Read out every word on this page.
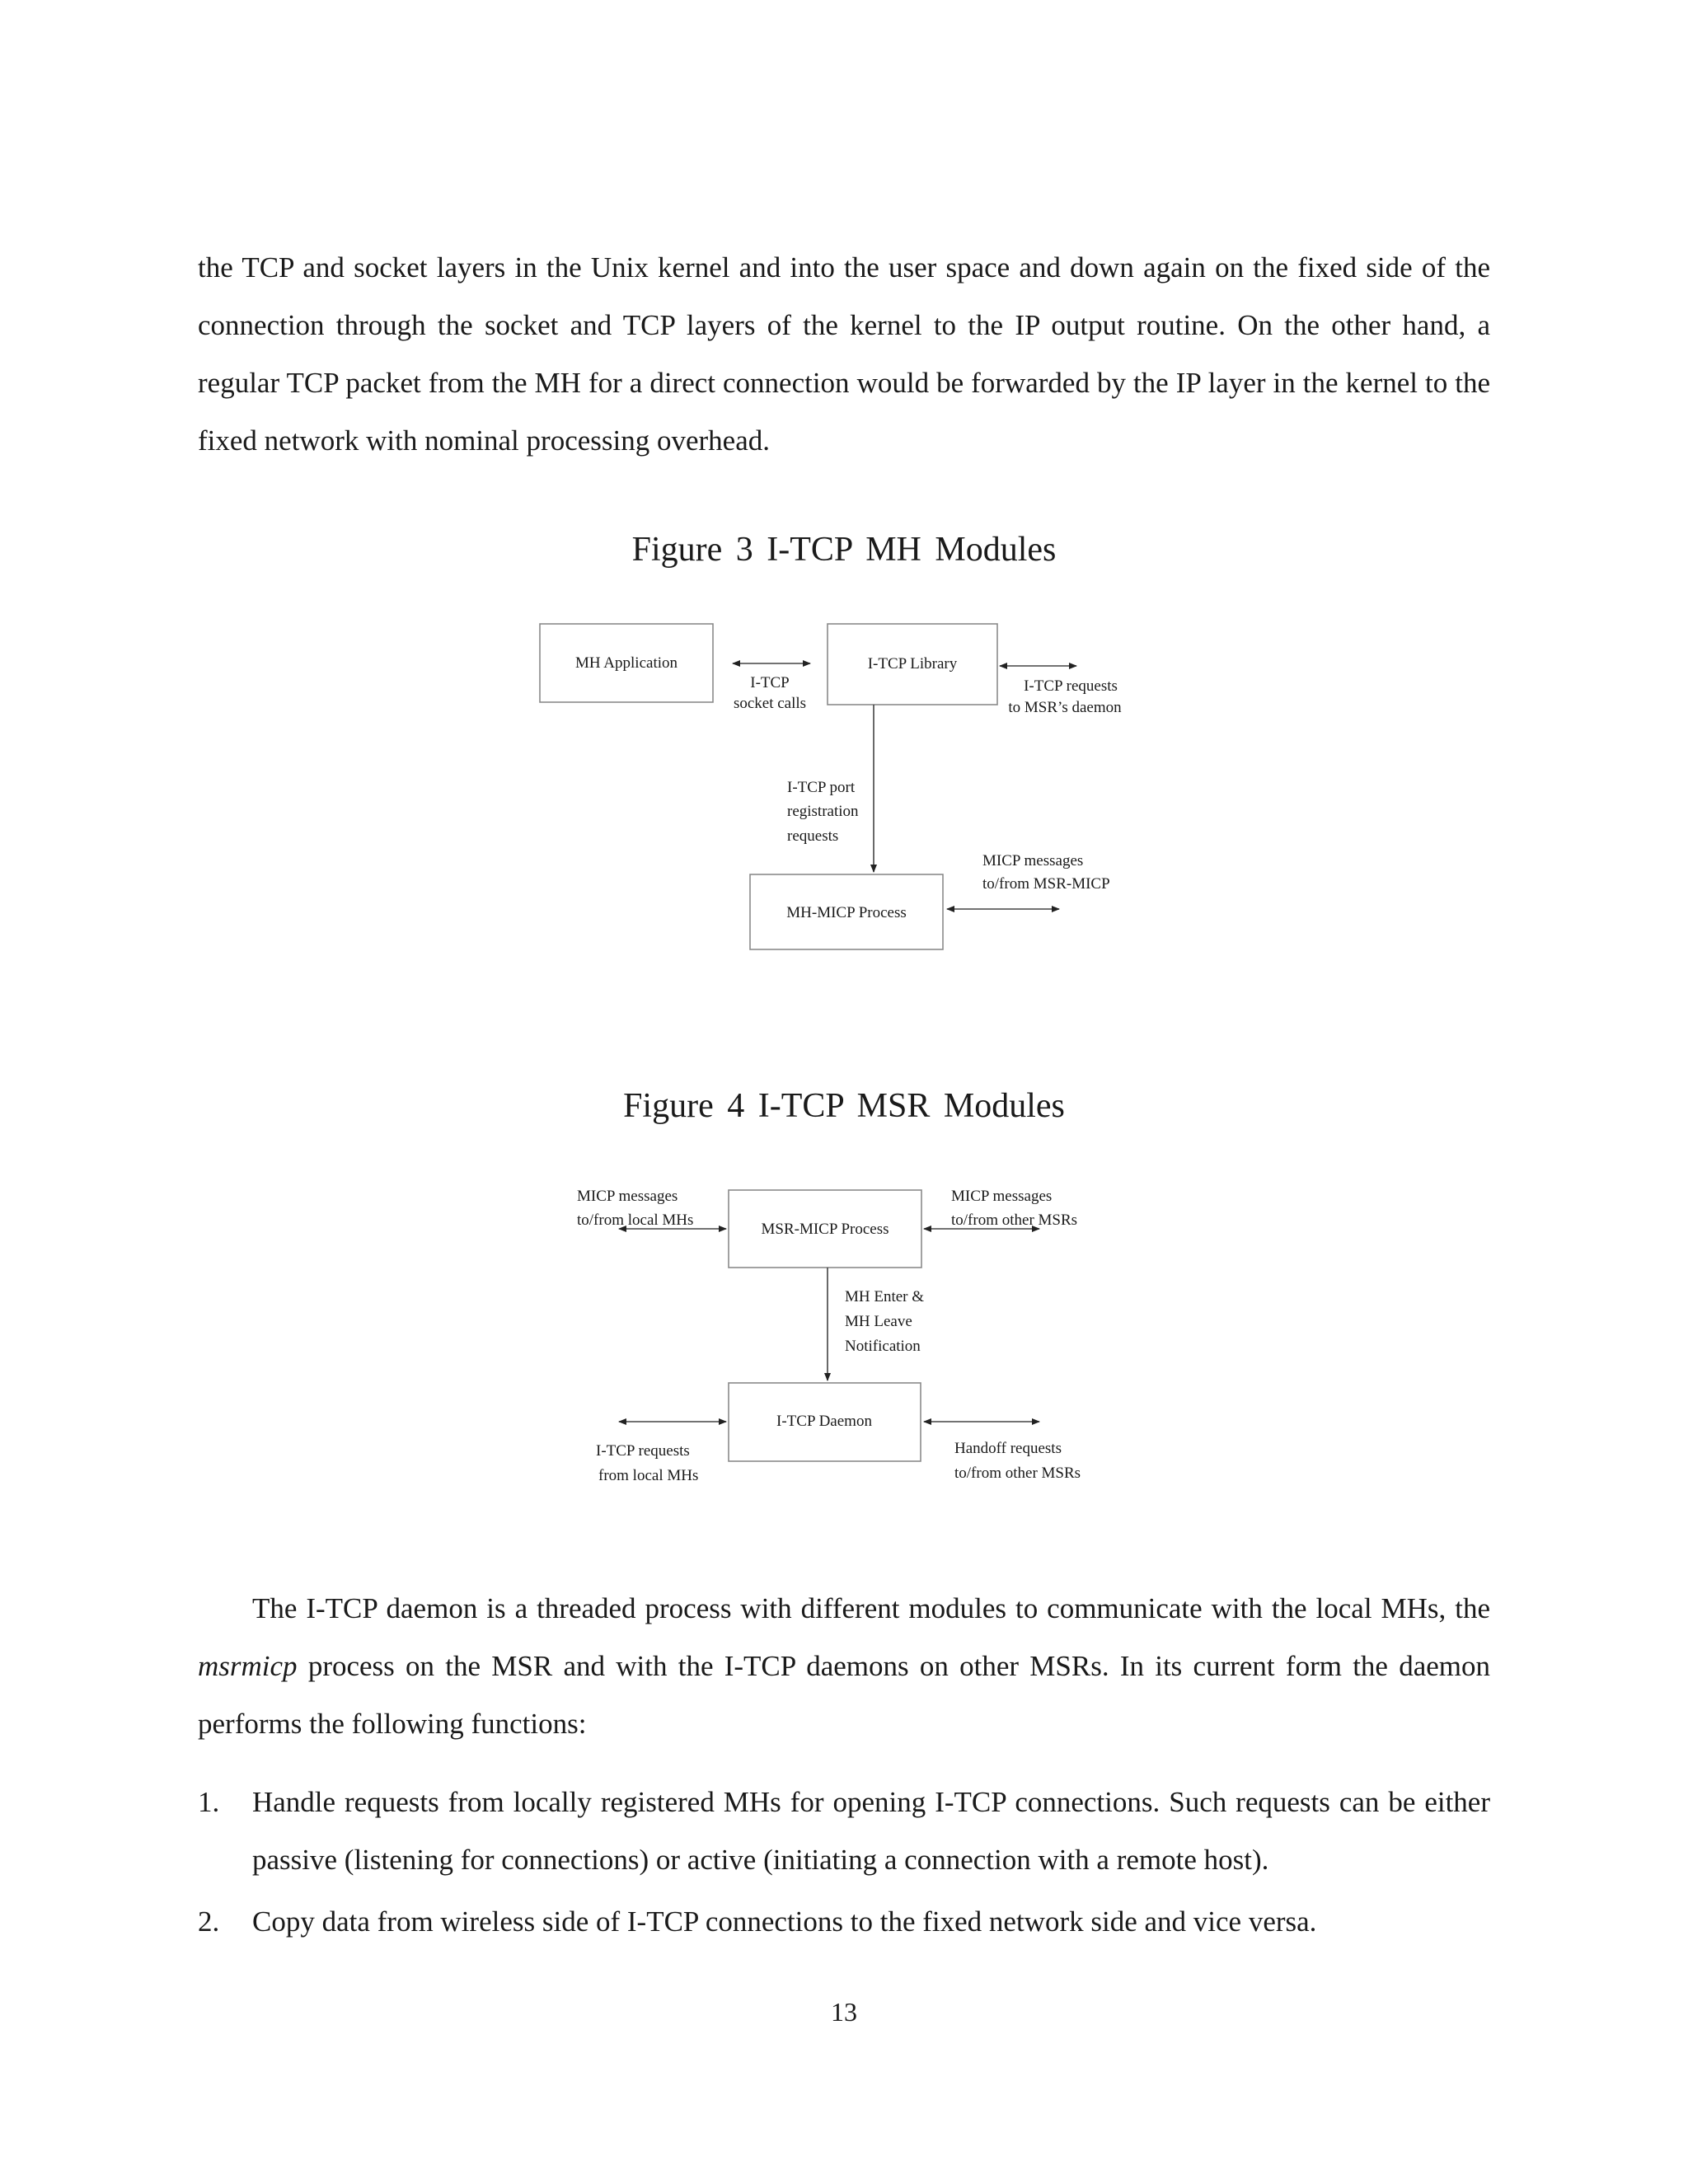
the TCP and socket layers in the Unix kernel and into the user space and down again on the fixed side of the connection through the socket and TCP layers of the kernel to the IP output routine. On the other hand, a regular TCP packet from the MH for a direct connection would be forwarded by the IP layer in the kernel to the fixed network with nominal processing overhead.

Figure 3 I-TCP MH Modules
MH Application	I-TCP Library
MH-MICP Process
I-TCP
socket calls
I-TCP requests
to MSR’s daemon
I-TCP port
registration
requests
MICP messages
to/from MSR-MICP
Figure 4 I-TCP MSR Modules
MSR-MICP Process
I-TCP Daemon
MICP messages
to/from local MHs
MICP messages
to/from other MSRs
MH Enter &
MH Leave
Notification
I-TCP requests
from local MHs
Handoff requests
to/from other MSRs

The I-TCP daemon is a threaded process with different modules to communicate with the local MHs, the msrmicp process on the MSR and with the I-TCP daemons on other MSRs. In its current form the daemon performs the following functions:

1. Handle requests from locally registered MHs for opening I-TCP connections. Such requests can be either passive (listening for connections) or active (initiating a connection with a remote host).
2. Copy data from wireless side of I-TCP connections to the fixed network side and vice versa.
13
